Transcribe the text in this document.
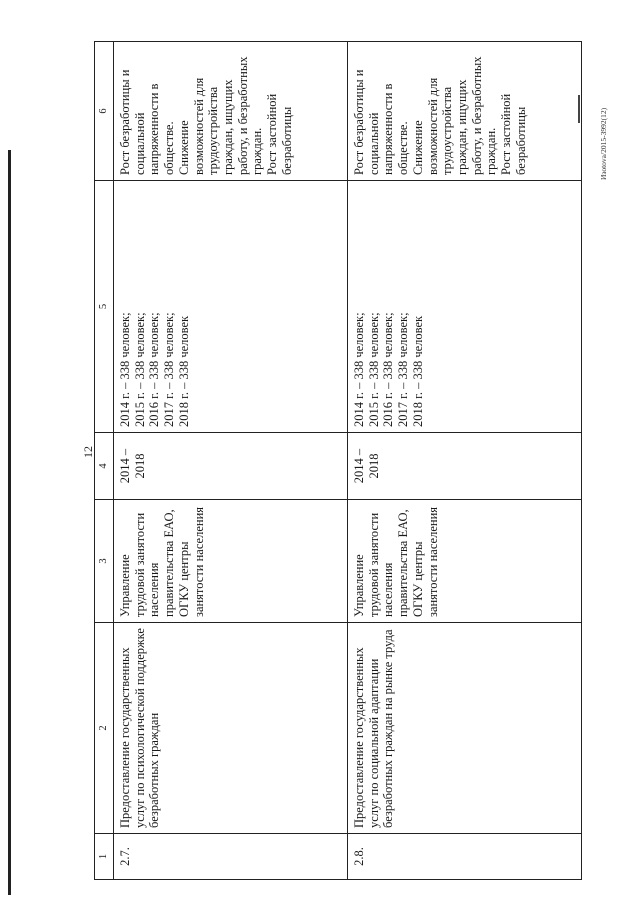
12
Изоtоvа/2015-3992(12)
1	2	3	4	5	6
2.7.	Предоставление государственных услуг по психологической поддержке безработных граждан	Управление трудовой занятости населения правительства ЕАО,
ОГКУ центры занятости населения	2014 –
2018	2014 г. – 338 человек;
2015 г. – 338 человек;
2016 г. – 338 человек;
2017 г. – 338 человек;
2018 г. – 338 человек	Рост безработицы и социальной напряженности в обществе.
Снижение возможностей для трудоустройства граждан, ищущих работу, и безработных граждан.
Рост застойной безработицы
2.8.	Предоставление государственных услуг по социальной адаптации безработных граждан на рынке труда	Управление трудовой занятости населения правительства ЕАО,
ОГКУ центры занятости населения	2014 –
2018	2014 г. – 338 человек;
2015 г. – 338 человек;
2016 г. – 338 человек;
2017 г. – 338 человек;
2018 г. – 338 человек	Рост безработицы и социальной напряженности в обществе.
Снижение возможностей для трудоустройства граждан, ищущих работу, и безработных граждан.
Рост застойной безработицы
